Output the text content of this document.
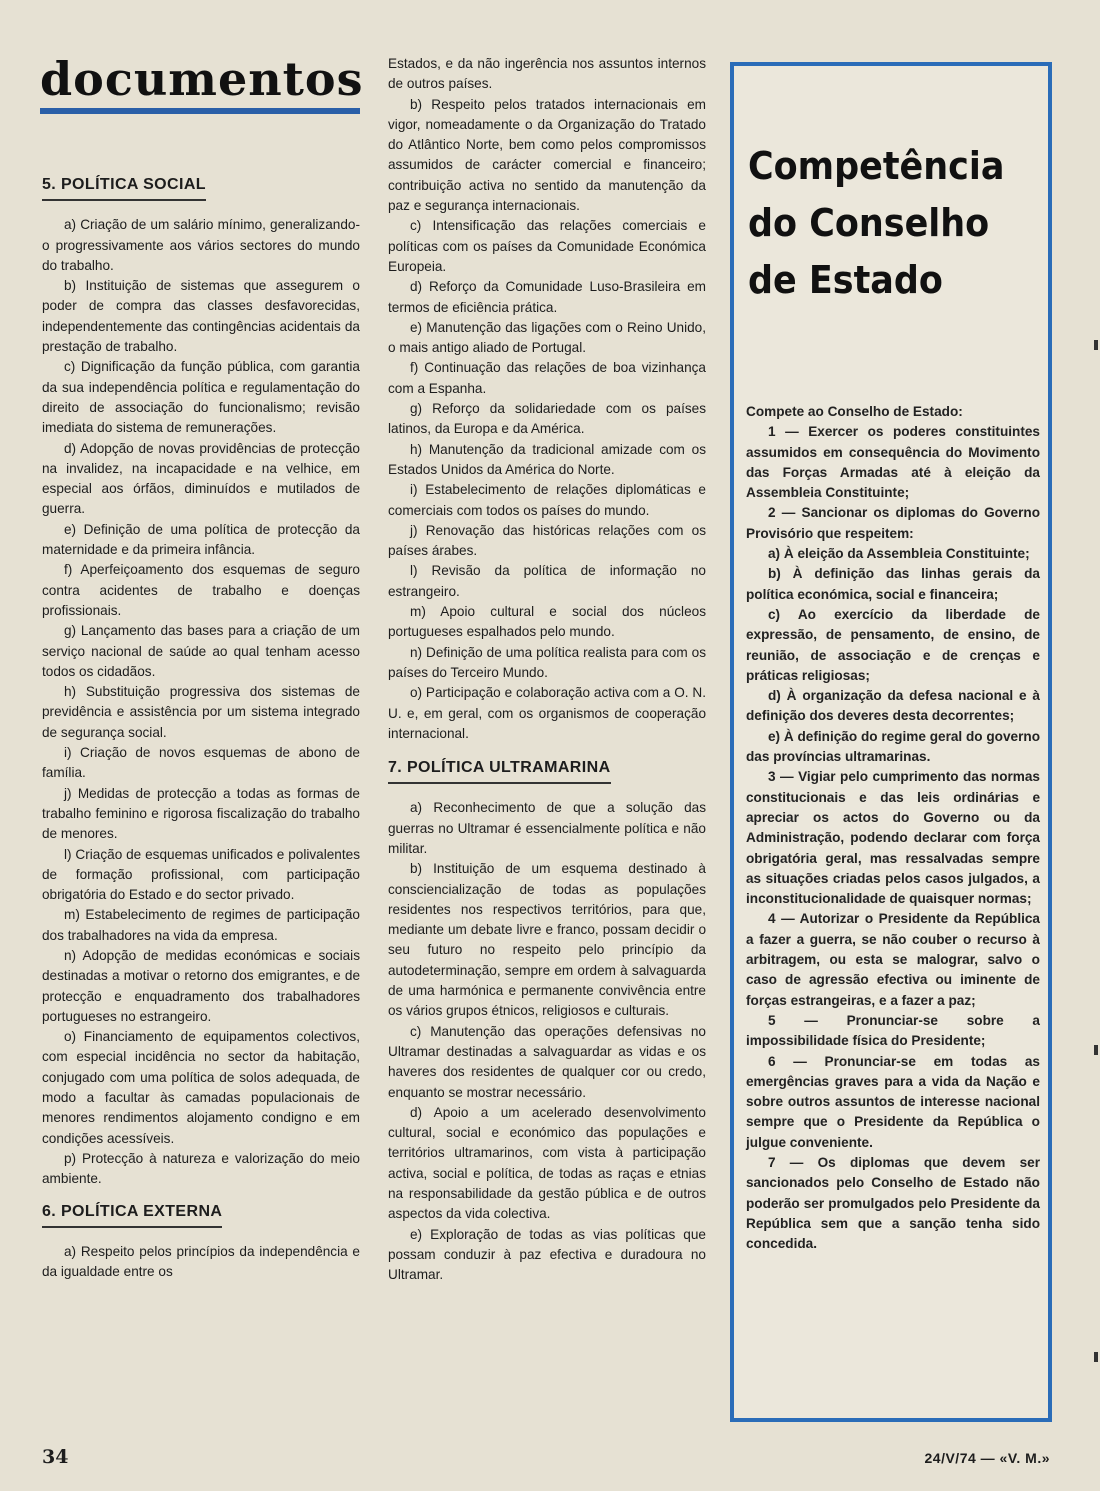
documentos
5. POLÍTICA SOCIAL

a) Criação de um salário mínimo, generalizando-o progressivamente aos vários sectores do mundo do trabalho.

b) Instituição de sistemas que assegurem o poder de compra das classes desfavorecidas, independentemente das contingências acidentais da prestação de trabalho.

c) Dignificação da função pública, com garantia da sua independência política e regulamentação do direito de associação do funcionalismo; revisão imediata do sistema de remunerações.

d) Adopção de novas providências de protecção na invalidez, na incapacidade e na velhice, em especial aos órfãos, diminuídos e mutilados de guerra.

e) Definição de uma política de protecção da maternidade e da primeira infância.

f) Aperfeiçoamento dos esquemas de seguro contra acidentes de trabalho e doenças profissionais.

g) Lançamento das bases para a criação de um serviço nacional de saúde ao qual tenham acesso todos os cidadãos.

h) Substituição progressiva dos sistemas de previdência e assistência por um sistema integrado de segurança social.

i) Criação de novos esquemas de abono de família.

j) Medidas de protecção a todas as formas de trabalho feminino e rigorosa fiscalização do trabalho de menores.

l) Criação de esquemas unificados e polivalentes de formação profissional, com participação obrigatória do Estado e do sector privado.

m) Estabelecimento de regimes de participação dos trabalhadores na vida da empresa.

n) Adopção de medidas económicas e sociais destinadas a motivar o retorno dos emigrantes, e de protecção e enquadramento dos trabalhadores portugueses no estrangeiro.

o) Financiamento de equipamentos colectivos, com especial incidência no sector da habitação, conjugado com uma política de solos adequada, de modo a facultar às camadas populacionais de menores rendimentos alojamento condigno e em condições acessíveis.

p) Protecção à natureza e valorização do meio ambiente.

6. POLÍTICA EXTERNA

a) Respeito pelos princípios da independência e da igualdade entre os

Estados, e da não ingerência nos assuntos internos de outros países.

b) Respeito pelos tratados internacionais em vigor, nomeadamente o da Organização do Tratado do Atlântico Norte, bem como pelos compromissos assumidos de carácter comercial e financeiro; contribuição activa no sentido da manutenção da paz e segurança internacionais.

c) Intensificação das relações comerciais e políticas com os países da Comunidade Económica Europeia.

d) Reforço da Comunidade Luso-Brasileira em termos de eficiência prática.

e) Manutenção das ligações com o Reino Unido, o mais antigo aliado de Portugal.

f) Continuação das relações de boa vizinhança com a Espanha.

g) Reforço da solidariedade com os países latinos, da Europa e da América.

h) Manutenção da tradicional amizade com os Estados Unidos da América do Norte.

i) Estabelecimento de relações diplomáticas e comerciais com todos os países do mundo.

j) Renovação das históricas relações com os países árabes.

l) Revisão da política de informação no estrangeiro.

m) Apoio cultural e social dos núcleos portugueses espalhados pelo mundo.

n) Definição de uma política realista para com os países do Terceiro Mundo.

o) Participação e colaboração activa com a O. N. U. e, em geral, com os organismos de cooperação internacional.

7. POLÍTICA ULTRAMARINA

a) Reconhecimento de que a solução das guerras no Ultramar é essencialmente política e não militar.

b) Instituição de um esquema destinado à consciencialização de todas as populações residentes nos respectivos territórios, para que, mediante um debate livre e franco, possam decidir o seu futuro no respeito pelo princípio da autodeterminação, sempre em ordem à salvaguarda de uma harmónica e permanente convivência entre os vários grupos étnicos, religiosos e culturais.

c) Manutenção das operações defensivas no Ultramar destinadas a salvaguardar as vidas e os haveres dos residentes de qualquer cor ou credo, enquanto se mostrar necessário.

d) Apoio a um acelerado desenvolvimento cultural, social e económico das populações e territórios ultramarinos, com vista à participação activa, social e política, de todas as raças e etnias na responsabilidade da gestão pública e de outros aspectos da vida colectiva.

e) Exploração de todas as vias políticas que possam conduzir à paz efectiva e duradoura no Ultramar.

Competência
do Conselho
de Estado

Compete ao Conselho de Estado:

1 — Exercer os poderes constituintes assumidos em consequência do Movimento das Forças Armadas até à eleição da Assembleia Constituinte;

2 — Sancionar os diplomas do Governo Provisório que respeitem:

a) À eleição da Assembleia Constituinte;

b) À definição das linhas gerais da política económica, social e financeira;

c) Ao exercício da liberdade de expressão, de pensamento, de ensino, de reunião, de associação e de crenças e práticas religiosas;

d) À organização da defesa nacional e à definição dos deveres desta decorrentes;

e) À definição do regime geral do governo das províncias ultramarinas.

3 — Vigiar pelo cumprimento das normas constitucionais e das leis ordinárias e apreciar os actos do Governo ou da Administração, podendo declarar com força obrigatória geral, mas ressalvadas sempre as situações criadas pelos casos julgados, a inconstitucionalidade de quaisquer normas;

4 — Autorizar o Presidente da República a fazer a guerra, se não couber o recurso à arbitragem, ou esta se malograr, salvo o caso de agressão efectiva ou iminente de forças estrangeiras, e a fazer a paz;

5 — Pronunciar-se sobre a impossibilidade física do Presidente;

6 — Pronunciar-se em todas as emergências graves para a vida da Nação e sobre outros assuntos de interesse nacional sempre que o Presidente da República o julgue conveniente.

7 — Os diplomas que devem ser sancionados pelo Conselho de Estado não poderão ser promulgados pelo Presidente da República sem que a sanção tenha sido concedida.

34	24/V/74 — «V. M.»
